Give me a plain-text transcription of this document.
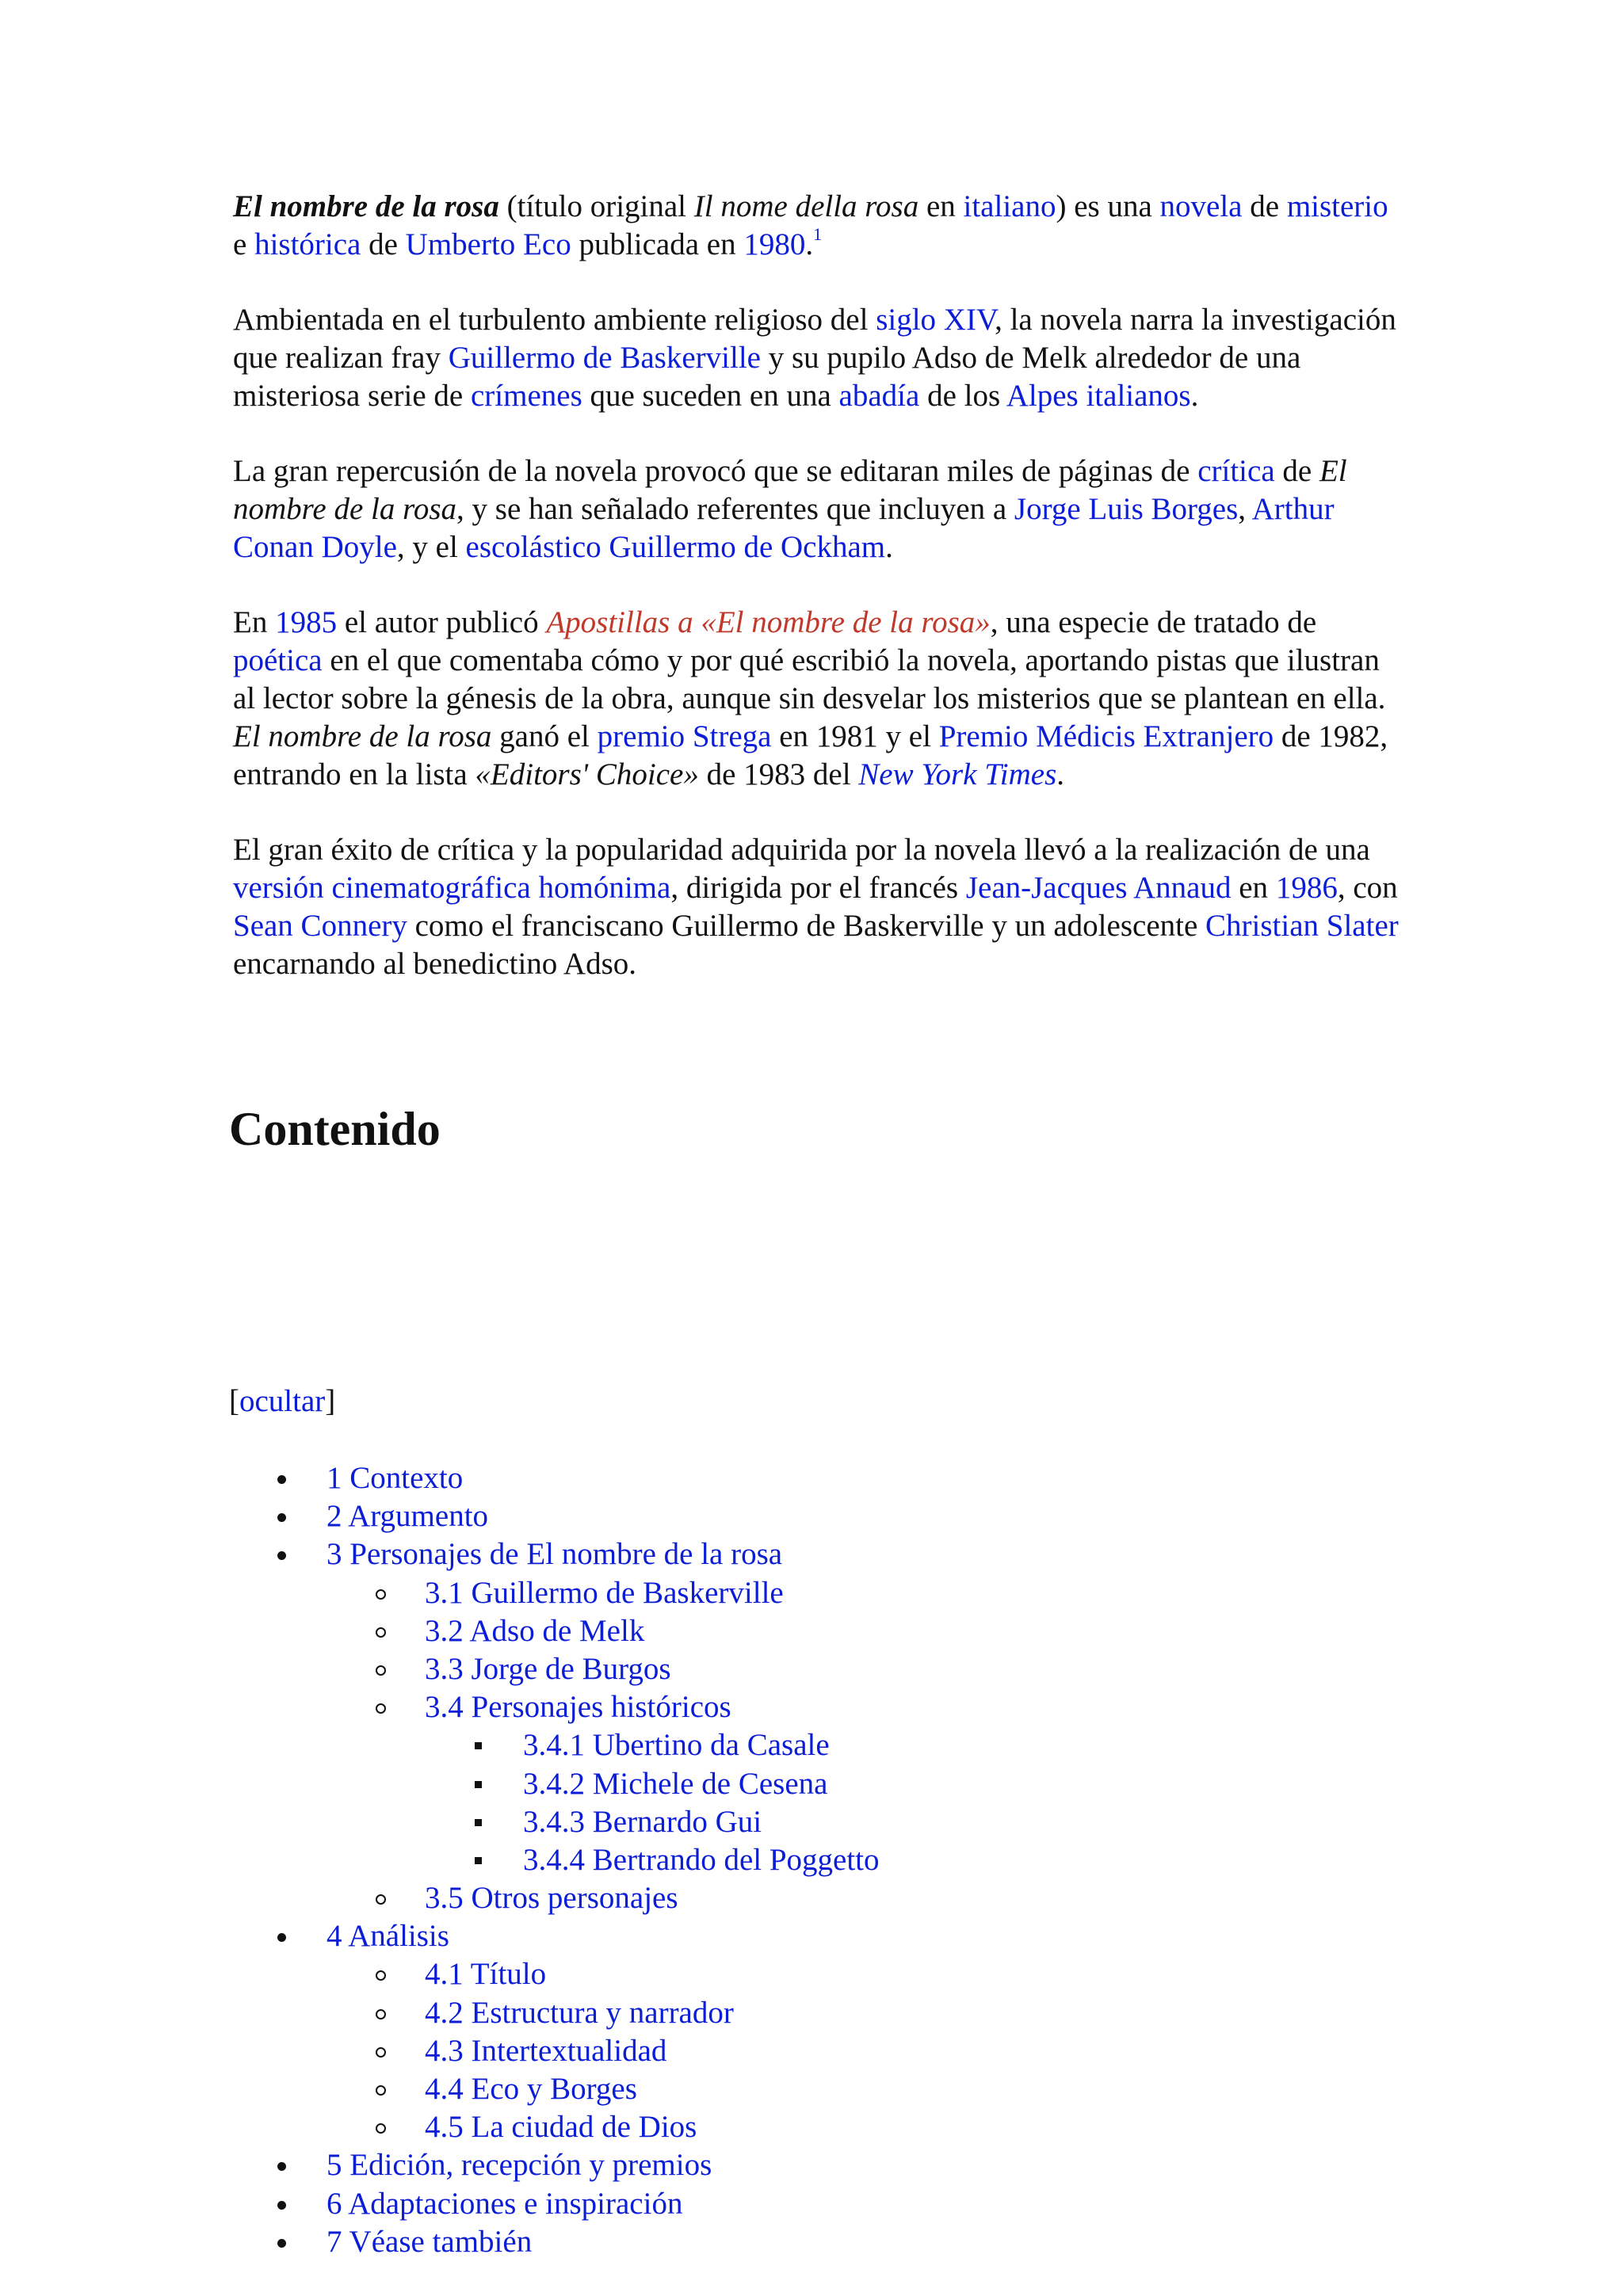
El nombre de la rosa (título original Il nome della rosa en italiano) es una novela de misterio e histórica de Umberto Eco publicada en 1980.$^1$

Ambientada en el turbulento ambiente religioso del siglo XIV, la novela narra la investigación que realizan fray Guillermo de Baskerville y su pupilo Adso de Melk alrededor de una misteriosa serie de crímenes que suceden en una abadía de los Alpes italianos.

La gran repercusión de la novela provocó que se editaran miles de páginas de crítica de El nombre de la rosa, y se han señalado referentes que incluyen a Jorge Luis Borges, Arthur Conan Doyle, y el escolástico Guillermo de Ockham.

En 1985 el autor publicó Apostillas a «El nombre de la rosa», una especie de tratado de poética en el que comentaba cómo y por qué escribió la novela, aportando pistas que ilustran al lector sobre la génesis de la obra, aunque sin desvelar los misterios que se plantean en ella. El nombre de la rosa ganó el premio Strega en 1981 y el Premio Médicis Extranjero de 1982, entrando en la lista «Editors' Choice» de 1983 del New York Times.

El gran éxito de crítica y la popularidad adquirida por la novela llevó a la realización de una versión cinematográfica homónima, dirigida por el francés Jean-Jacques Annaud en 1986, con Sean Connery como el franciscano Guillermo de Baskerville y un adolescente Christian Slater encarnando al benedictino Adso.

Contenido
[ocultar]
1 Contexto
2 Argumento
3 Personajes de El nombre de la rosa
3.1 Guillermo de Baskerville
3.2 Adso de Melk
3.3 Jorge de Burgos
3.4 Personajes históricos
3.4.1 Ubertino da Casale
3.4.2 Michele de Cesena
3.4.3 Bernardo Gui
3.4.4 Bertrando del Poggetto
3.5 Otros personajes
4 Análisis
4.1 Título
4.2 Estructura y narrador
4.3 Intertextualidad
4.4 Eco y Borges
4.5 La ciudad de Dios
5 Edición, recepción y premios
6 Adaptaciones e inspiración
7 Véase también
